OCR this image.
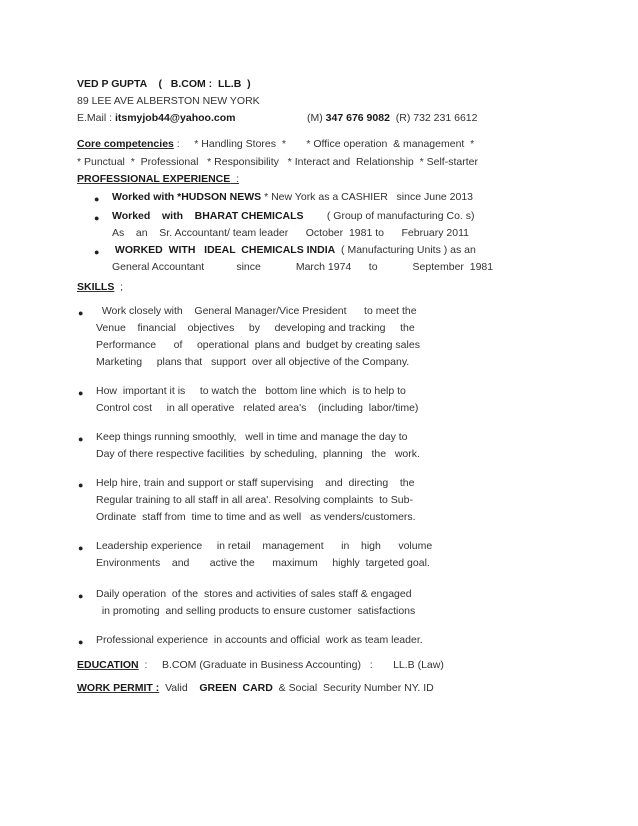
VED P GUPTA    (   B.COM :  LL.B  )
89 LEE AVE ALBERSTON NEW YORK
E.Mail : itsmyjob44@yahoo.com	(M) 347 676 9082  (R) 732 231 6612
Core competencies :     * Handling Stores  *       * Office operation  & management  *
* Punctual  *  Professional   * Responsibility   * Interact and  Relationship  * Self-starter
PROFESSIONAL EXPERIENCE  :
● Worked with *HUDSON NEWS * New York as a CASHIER   since June 2013
● Worked    with    BHARAT CHEMICALS        ( Group of manufacturing Co. s)
As    an    Sr. Accountant/ team leader      October  1981 to      February 2011
● WORKED  WITH   IDEAL  CHEMICALS INDIA  ( Manufacturing Units ) as an
General Accountant           since            March 1974      to            September  1981
SKILLS  ;
● Work closely with    General Manager/Vice President      to meet the
Venue    financial    objectives     by     developing and tracking     the
Performance      of     operational  plans and  budget by creating sales
Marketing     plans that   support  over all objective of the Company.
● How  important it is     to watch the   bottom line which  is to help to
Control cost     in all operative   related area's    (including  labor/time)
● Keep things running smoothly,   well in time and manage the day to
Day of there respective facilities  by scheduling,  planning   the   work.
● Help hire, train and support or staff supervising    and  directing    the
Regular training to all staff in all area'. Resolving complaints  to Sub-
Ordinate  staff from  time to time and as well   as venders/customers.
● Leadership experience     in retail    management      in    high      volume
Environments    and       active the      maximum     highly  targeted goal.
● Daily operation  of the  stores and activities of sales staff & engaged
in promoting  and selling products to ensure customer  satisfactions
● Professional experience  in accounts and official  work as team leader.
EDUCATION  :     B.COM (Graduate in Business Accounting)   :       LL.B (Law)
WORK PERMIT :  Valid    GREEN  CARD  & Social  Security Number NY. ID
